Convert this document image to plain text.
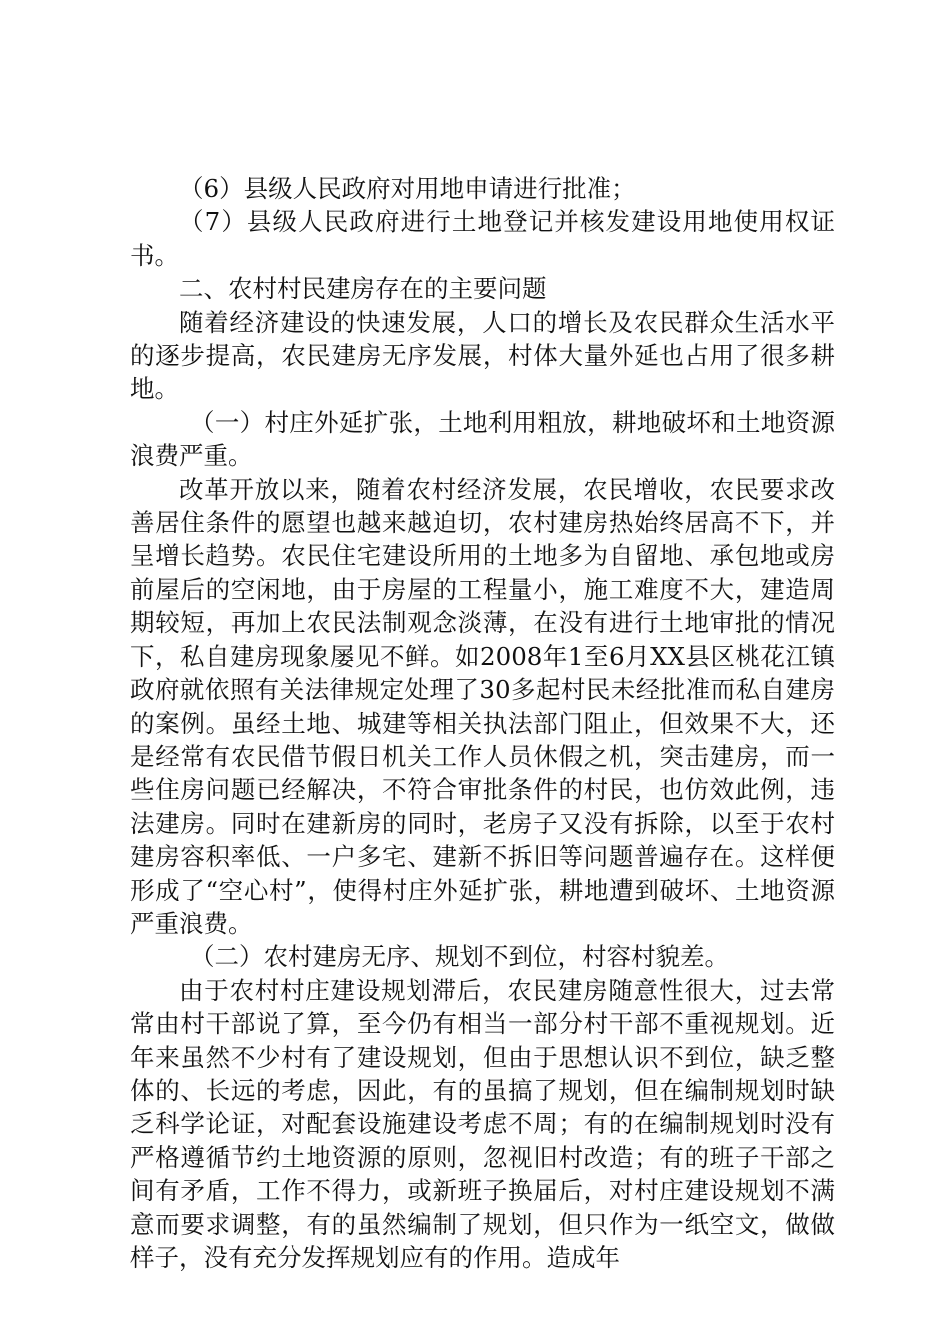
（6）县级人民政府对用地申请进行批准；

（7）县级人民政府进行土地登记并核发建设用地使用权证书。

二、农村村民建房存在的主要问题

随着经济建设的快速发展，人口的增长及农民群众生活水平的逐步提高，农民建房无序发展，村体大量外延也占用了很多耕地。

（一）村庄外延扩张，土地利用粗放，耕地破坏和土地资源浪费严重。

改革开放以来，随着农村经济发展，农民增收，农民要求改善居住条件的愿望也越来越迫切，农村建房热始终居高不下，并呈增长趋势。农民住宅建设所用的土地多为自留地、承包地或房前屋后的空闲地，由于房屋的工程量小，施工难度不大，建造周期较短，再加上农民法制观念淡薄，在没有进行土地审批的情况下，私自建房现象屡见不鲜。如2008年1至6月XX县区桃花江镇政府就依照有关法律规定处理了30多起村民未经批准而私自建房的案例。虽经土地、城建等相关执法部门阻止，但效果不大，还是经常有农民借节假日机关工作人员休假之机，突击建房，而一些住房问题已经解决，不符合审批条件的村民，也仿效此例，违法建房。同时在建新房的同时，老房子又没有拆除，以至于农村建房容积率低、一户多宅、建新不拆旧等问题普遍存在。这样便形成了“空心村”，使得村庄外延扩张，耕地遭到破坏、土地资源严重浪费。

（二）农村建房无序、规划不到位，村容村貌差。

由于农村村庄建设规划滞后，农民建房随意性很大，过去常常由村干部说了算，至今仍有相当一部分村干部不重视规划。近年来虽然不少村有了建设规划，但由于思想认识不到位，缺乏整体的、长远的考虑，因此，有的虽搞了规划，但在编制规划时缺乏科学论证，对配套设施建设考虑不周；有的在编制规划时没有严格遵循节约土地资源的原则，忽视旧村改造；有的班子干部之间有矛盾，工作不得力，或新班子换届后，对村庄建设规划不满意而要求调整，有的虽然编制了规划，但只作为一纸空文，做做样子，没有充分发挥规划应有的作用。造成年
